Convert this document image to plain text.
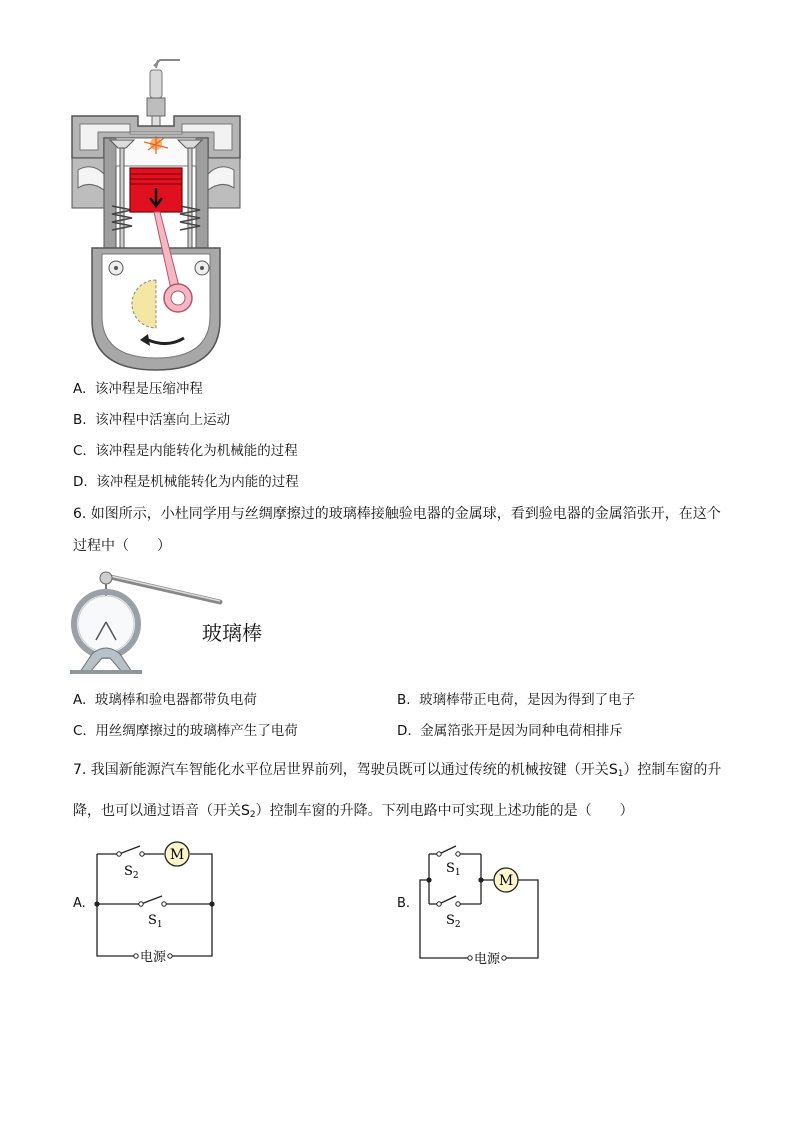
A. 该冲程是压缩冲程
B. 该冲程中活塞向上运动
C. 该冲程是内能转化为机械能的过程
D. 该冲程是机械能转化为内能的过程
6. 如图所示，小杜同学用与丝绸摩擦过的玻璃棒接触验电器的金属球，看到验电器的金属箔张开，在这个
过程中（　　）
玻璃棒
A. 玻璃棒和验电器都带负电荷	B. 玻璃棒带正电荷，是因为得到了电子
C. 用丝绸摩擦过的玻璃棒产生了电荷	D. 金属箔张开是因为同种电荷相排斥
7. 我国新能源汽车智能化水平位居世界前列，驾驶员既可以通过传统的机械按键（开关$S_1$）控制车窗的升
降，也可以通过语音（开关$S_2$）控制车窗的升降。下列电路中可实现上述功能的是（　　）
A.
M
$S_2$
$S_1$
电源
B.
M
$S_1$
$S_2$
电源
